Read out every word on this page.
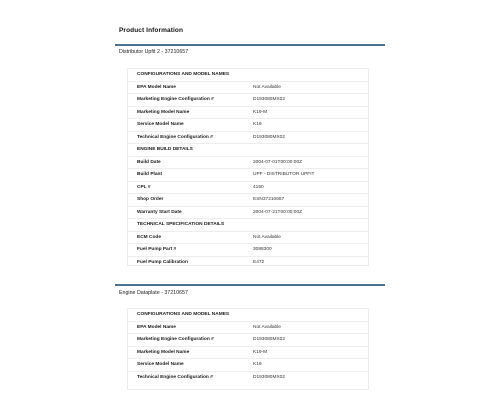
Product Information
Distributor Upfit 2 - 37210657
CONFIGURATIONS AND MODEL NAMES
EPA Model Name	Not Available
Marketing Engine Configuration #	D193080MX02
Marketing Model Name	K19-M
Service Model Name	K19
Technical Engine Configuration #	D193080MX02
ENGINE BUILD DETAILS
Build Date	2004-07-01T00:00:00Z
Build Plant	UPF - DISTRIBUTOR UPFIT
CPL #	4150
Shop Order	ESN37210657
Warranty Start Date	2004-07-21T00:00:00Z
TECHNICAL SPECIFICATION DETAILS
ECM Code	Not Available
Fuel Pump Part #	3088300
Fuel Pump Calibration	E472
Engine Dataplate - 37210657
CONFIGURATIONS AND MODEL NAMES
EPA Model Name	Not Available
Marketing Engine Configuration #	D193080MX02
Marketing Model Name	K19-M
Service Model Name	K19
Technical Engine Configuration #	D193080MX02
